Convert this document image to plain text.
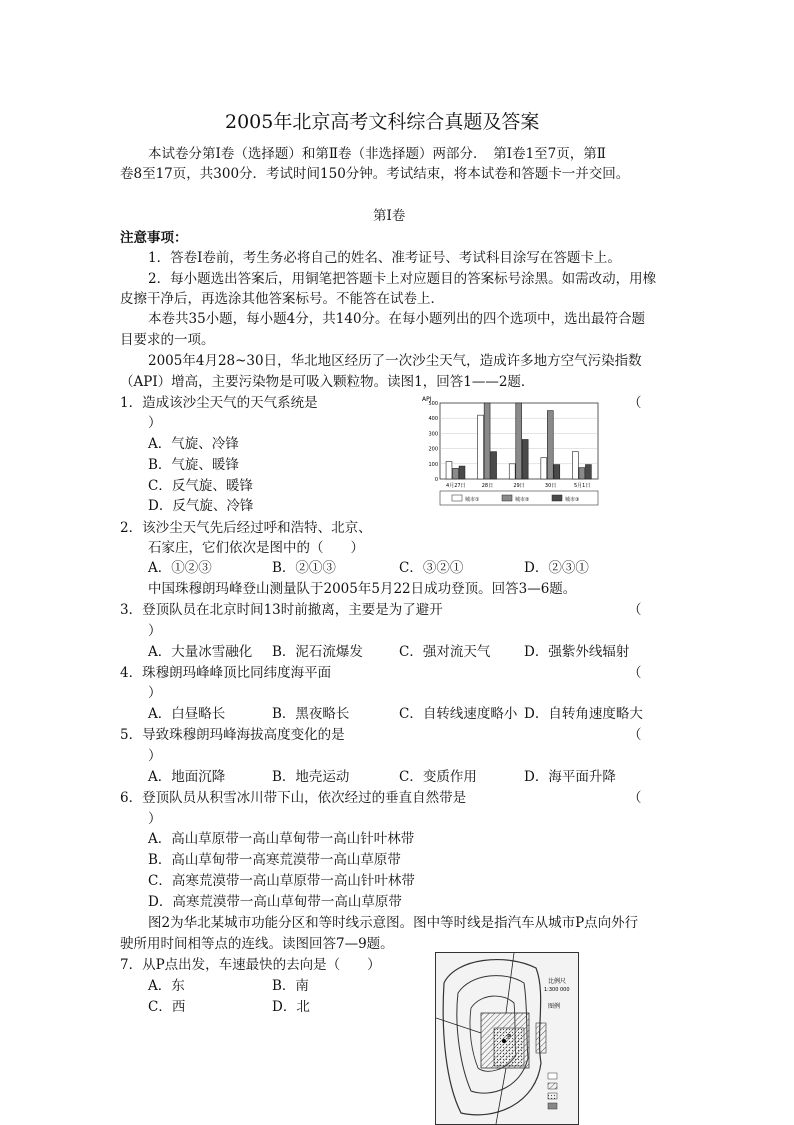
2005年北京高考文科综合真题及答案
本试卷分第Ⅰ卷（选择题）和第Ⅱ卷（非选择题）两部分．　第Ⅰ卷1至7页，第Ⅱ
卷8至17页，共300分．考试时间150分钟。考试结束，将本试卷和答题卡一并交回。
第Ⅰ卷
注意事项：
1．答卷Ⅰ卷前，考生务必将自己的姓名、准考证号、考试科目涂写在答题卡上。
2．每小题选出答案后，用铜笔把答题卡上对应题目的答案标号涂黑。如需改动，用橡
皮擦干净后，再选涂其他答案标号。不能答在试卷上．
本卷共35小题，每小题4分，共140分。在每小题列出的四个选项中，选出最符合题
目要求的一项。
2005年4月28~30日，华北地区经历了一次沙尘天气，造成许多地方空气污染指数
（API）增高，主要污染物是可吸入颗粒物。读图1，回答1——2题．
1．造成该沙尘天气的天气系统是	（
）
A．气旋、冷锋
B．气旋、暖锋
C．反气旋、暖锋
D．反气旋、冷锋
API
500
400
300
200
100
0
4月27日	28日	29日	30日	5月1日
城市①	城市②	城市③
2．该沙尘天气先后经过呼和浩特、北京、
石家庄，它们依次是图中的（　　）
A．①②③	B．②①③	C．③②①	D．②③①
中国珠穆朗玛峰登山测量队于2005年5月22日成功登顶。回答3—6题。
3．登顶队员在北京时间13时前撤离，主要是为了避开	（
）
A．大量冰雪融化 B．泥石流爆发	C．强对流天气 D．强紫外线辐射
4．珠穆朗玛峰峰顶比同纬度海平面	（
）
A．白昼略长	B．黑夜略长	C．自转线速度略小 D．自转角速度略大
5．导致珠穆朗玛峰海拔高度变化的是	（
）
A．地面沉降	B．地壳运动	C．变质作用	D．海平面升降
6．登顶队员从积雪冰川带下山，依次经过的垂直自然带是	（
）
A．高山草原带一高山草甸带一高山针叶林带
B．高山草甸带一高寒荒漠带一高山草原带
C．高寒荒漠带一高山草原带一高山针叶林带
D．高寒荒漠带一高山草甸带一高山草原带
图2为华北某城市功能分区和等时线示意图。图中等时线是指汽车从城市P点向外行
驶所用时间相等点的连线。读图回答7—9题。
7．从P点出发，车速最快的去向是（　　）
A．东	B．南
C．西	D．北
P
比例尺
1:300 000
图例
